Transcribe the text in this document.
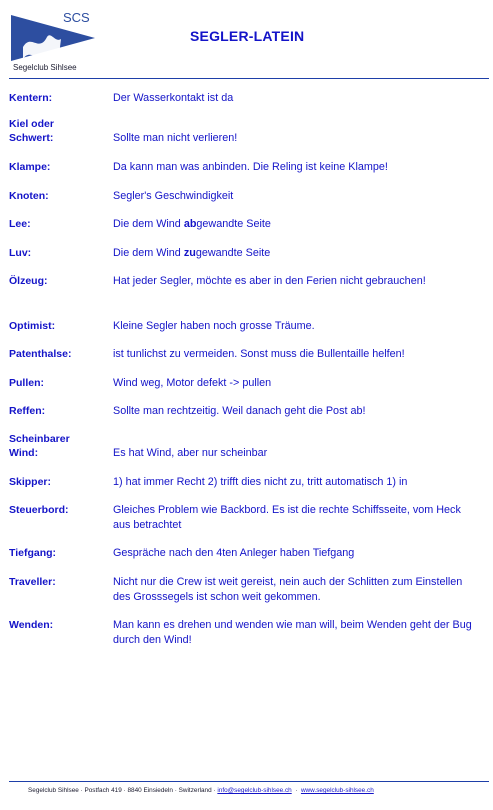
SCS
Segelclub Sihlsee
SEGLER-LATEIN
Kentern:	Der Wasserkontakt ist da
Kiel oder
Schwert:	Sollte man nicht verlieren!
Klampe:	Da kann man was anbinden. Die Reling ist keine Klampe!
Knoten:	Segler's Geschwindigkeit
Lee:	Die dem Wind abgewandte Seite
Luv:	Die dem Wind zugewandte Seite
Ölzeug:	Hat jeder Segler, möchte es aber in den Ferien nicht gebrauchen!
Optimist:	Kleine Segler haben noch grosse Träume.
Patenthalse:	ist tunlichst zu vermeiden. Sonst muss die Bullentaille helfen!
Pullen:	Wind weg, Motor defekt -> pullen
Reffen:	Sollte man rechtzeitig. Weil danach geht die Post ab!
Scheinbarer
Wind:	Es hat Wind, aber nur scheinbar
Skipper:	1) hat immer Recht 2) trifft dies nicht zu, tritt automatisch 1) in
Steuerbord:	Gleiches Problem wie Backbord. Es ist die rechte Schiffsseite, vom Heck aus betrachtet
Tiefgang:	Gespräche nach den 4ten Anleger haben Tiefgang
Traveller:	Nicht nur die Crew ist weit gereist, nein auch der Schlitten zum Einstellen des Grosssegels ist schon weit gekommen.
Wenden:	Man kann es drehen und wenden wie man will, beim Wenden geht der Bug durch den Wind!
Segelclub Sihlsee · Postfach 419 · 8840 Einsiedeln · Switzerland · info@segelclub-sihlsee.ch  ·  www.segelclub-sihlsee.ch
